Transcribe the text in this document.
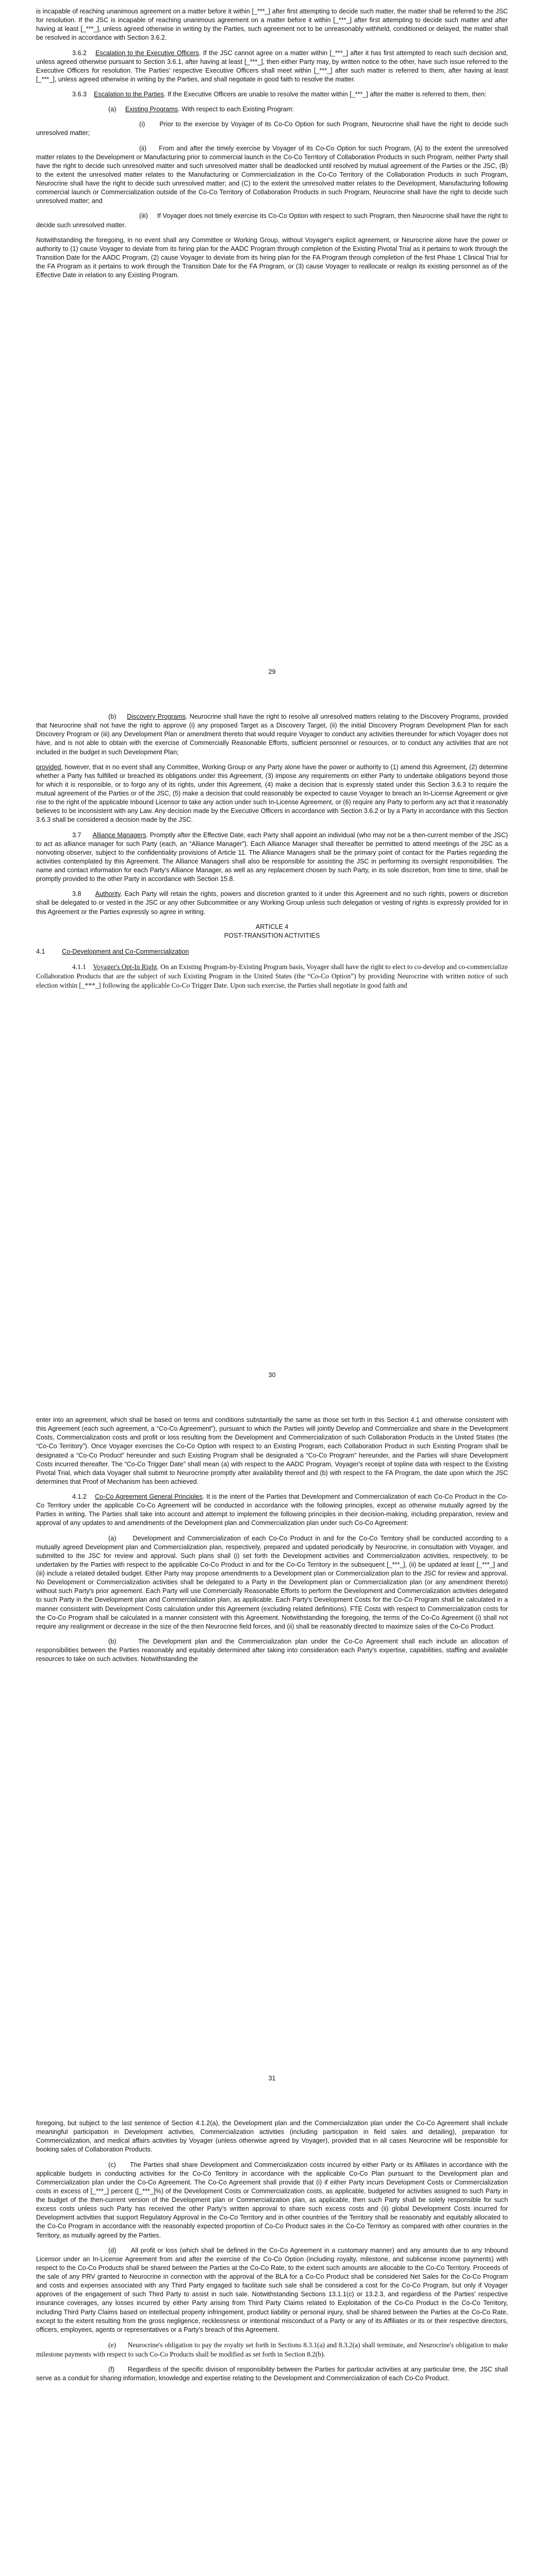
is incapable of reaching unanimous agreement on a matter before it within [_***_] after first attempting to decide such matter, the matter shall be referred to the JSC for resolution. If the JSC is incapable of reaching unanimous agreement on a matter before it within [_***_] after first attempting to decide such matter and after having at least [_***_], unless agreed otherwise in writing by the Parties, such agreement not to be unreasonably withheld, conditioned or delayed, the matter shall be resolved in accordance with Section 3.6.2.

3.6.2 Escalation to the Executive Officers. If the JSC cannot agree on a matter within [_***_] after it has first attempted to reach such decision and, unless agreed otherwise pursuant to Section 3.6.1, after having at least [_***_], then either Party may, by written notice to the other, have such issue referred to the Executive Officers for resolution. The Parties' respective Executive Officers shall meet within [_***_] after such matter is referred to them, after having at least [_***_], unless agreed otherwise in writing by the Parties, and shall negotiate in good faith to resolve the matter.

3.6.3 Escalation to the Parties. If the Executive Officers are unable to resolve the matter within [_***_] after the matter is referred to them, then:

(a) Existing Programs. With respect to each Existing Program:

(i) Prior to the exercise by Voyager of its Co-Co Option for such Program, Neurocrine shall have the right to decide such unresolved matter;

(ii) From and after the timely exercise by Voyager of its Co-Co Option for such Program, (A) to the extent the unresolved matter relates to the Development or Manufacturing prior to commercial launch in the Co-Co Territory of Collaboration Products in such Program, neither Party shall have the right to decide such unresolved matter and such unresolved matter shall be deadlocked until resolved by mutual agreement of the Parties or the JSC, (B) to the extent the unresolved matter relates to the Manufacturing or Commercialization in the Co-Co Territory of the Collaboration Products in such Program, Neurocrine shall have the right to decide such unresolved matter; and (C) to the extent the unresolved matter relates to the Development, Manufacturing following commercial launch or Commercialization outside of the Co-Co Territory of Collaboration Products in such Program, Neurocrine shall have the right to decide such unresolved matter; and

(iii) If Voyager does not timely exercise its Co-Co Option with respect to such Program, then Neurocrine shall have the right to decide such unresolved matter.

Notwithstanding the foregoing, in no event shall any Committee or Working Group, without Voyager's explicit agreement, or Neurocrine alone have the power or authority to (1) cause Voyager to deviate from its hiring plan for the AADC Program through completion of the Existing Pivotal Trial as it pertains to work through the Transition Date for the AADC Program, (2) cause Voyager to deviate from its hiring plan for the FA Program through completion of the first Phase 1 Clinical Trial for the FA Program as it pertains to work through the Transition Date for the FA Program, or (3) cause Voyager to reallocate or realign its existing personnel as of the Effective Date in relation to any Existing Program.

29

(b) Discovery Programs. Neurocrine shall have the right to resolve all unresolved matters relating to the Discovery Programs, provided that Neurocrine shall not have the right to approve (i) any proposed Target as a Discovery Target, (ii) the initial Discovery Program Development Plan for each Discovery Program or (iii) any Development Plan or amendment thereto that would require Voyager to conduct any activities thereunder for which Voyager does not have, and is not able to obtain with the exercise of Commercially Reasonable Efforts, sufficient personnel or resources, or to conduct any activities that are not included in the budget in such Development Plan;

provided, however, that in no event shall any Committee, Working Group or any Party alone have the power or authority to (1) amend this Agreement, (2) determine whether a Party has fulfilled or breached its obligations under this Agreement, (3) impose any requirements on either Party to undertake obligations beyond those for which it is responsible, or to forgo any of its rights, under this Agreement, (4) make a decision that is expressly stated under this Section 3.6.3 to require the mutual agreement of the Parties or of the JSC, (5) make a decision that could reasonably be expected to cause Voyager to breach an In-License Agreement or give rise to the right of the applicable Inbound Licensor to take any action under such In-License Agreement, or (6) require any Party to perform any act that it reasonably believes to be inconsistent with any Law. Any decision made by the Executive Officers in accordance with Section 3.6.2 or by a Party in accordance with this Section 3.6.3 shall be considered a decision made by the JSC.

3.7 Alliance Managers. Promptly after the Effective Date, each Party shall appoint an individual (who may not be a then-current member of the JSC) to act as alliance manager for such Party (each, an “Alliance Manager”). Each Alliance Manager shall thereafter be permitted to attend meetings of the JSC as a nonvoting observer, subject to the confidentiality provisions of Article 11. The Alliance Managers shall be the primary point of contact for the Parties regarding the activities contemplated by this Agreement. The Alliance Managers shall also be responsible for assisting the JSC in performing its oversight responsibilities. The name and contact information for each Party's Alliance Manager, as well as any replacement chosen by such Party, in its sole discretion, from time to time, shall be promptly provided to the other Party in accordance with Section 15.8.

3.8 Authority. Each Party will retain the rights, powers and discretion granted to it under this Agreement and no such rights, powers or discretion shall be delegated to or vested in the JSC or any other Subcommittee or any Working Group unless such delegation or vesting of rights is expressly provided for in this Agreement or the Parties expressly so agree in writing.

ARTICLE 4

POST-TRANSITION ACTIVITIES

4.1	Co-Development and Co-Commercialization

4.1.1 Voyager's Opt-In Right. On an Existing Program-by-Existing Program basis, Voyager shall have the right to elect to co-develop and co-commercialize Collaboration Products that are the subject of such Existing Program in the United States (the “Co-Co Option”) by providing Neurocrine with written notice of such election within [_***_] following the applicable Co-Co Trigger Date. Upon such exercise, the Parties shall negotiate in good faith and

30

enter into an agreement, which shall be based on terms and conditions substantially the same as those set forth in this Section 4.1 and otherwise consistent with this Agreement (each such agreement, a “Co-Co Agreement”), pursuant to which the Parties will jointly Develop and Commercialize and share in the Development Costs, Commercialization costs and profit or loss resulting from the Development and Commercialization of such Collaboration Products in the United States (the “Co-Co Territory”). Once Voyager exercises the Co-Co Option with respect to an Existing Program, each Collaboration Product in such Existing Program shall be designated a “Co-Co Product” hereunder and such Existing Program shall be designated a “Co-Co Program” hereunder, and the Parties will share Development Costs incurred thereafter. The “Co-Co Trigger Date” shall mean (a) with respect to the AADC Program, Voyager's receipt of topline data with respect to the Existing Pivotal Trial, which data Voyager shall submit to Neurocrine promptly after availability thereof and (b) with respect to the FA Program, the date upon which the JSC determines that Proof of Mechanism has been achieved.

4.1.2 Co-Co Agreement General Principles. It is the intent of the Parties that Development and Commercialization of each Co-Co Product in the Co-Co Territory under the applicable Co-Co Agreement will be conducted in accordance with the following principles, except as otherwise mutually agreed by the Parties in writing. The Parties shall take into account and attempt to implement the following principles in their decision-making, including preparation, review and approval of any updates to and amendments of the Development plan and Commercialization plan under such Co-Co Agreement:

(a)	Development and Commercialization of each Co-Co Product in and for the Co-Co Territory shall be conducted according to a mutually agreed Development plan and Commercialization plan, respectively, prepared and updated periodically by Neurocrine, in consultation with Voyager, and submitted to the JSC for review and approval. Such plans shall (i) set forth the Development activities and Commercialization activities, respectively, to be undertaken by the Parties with respect to the applicable Co-Co Product in and for the Co-Co Territory in the subsequent [_***_], (ii) be updated at least [_***_] and (iii) include a related detailed budget. Either Party may propose amendments to a Development plan or Commercialization plan to the JSC for review and approval. No Development or Commercialization activities shall be delegated to a Party in the Development plan or Commercialization plan (or any amendment thereto) without such Party's prior agreement. Each Party will use Commercially Reasonable Efforts to perform the Development and Commercialization activities delegated to such Party in the Development plan and Commercialization plan, as applicable. Each Party's Development Costs for the Co-Co Program shall be calculated in a manner consistent with Development Costs calculation under this Agreement (excluding related definitions). FTE Costs with respect to Commercialization costs for the Co-Co Program shall be calculated in a manner consistent with this Agreement. Notwithstanding the foregoing, the terms of the Co-Co Agreement (i) shall not require any realignment or decrease in the size of the then Neurocrine field forces, and (ii) shall be reasonably directed to maximize sales of the Co-Co Product.

(b)	The Development plan and the Commercialization plan under the Co-Co Agreement shall each include an allocation of responsibilities between the Parties reasonably and equitably determined after taking into consideration each Party's expertise, capabilities, staffing and available resources to take on such activities. Notwithstanding the

31

foregoing, but subject to the last sentence of Section 4.1.2(a), the Development plan and the Commercialization plan under the Co-Co Agreement shall include meaningful participation in Development activities, Commercialization activities (including participation in field sales and detailing), preparation for Commercialization, and medical affairs activities by Voyager (unless otherwise agreed by Voyager), provided that in all cases Neurocrine will be responsible for booking sales of Collaboration Products.

(c) The Parties shall share Development and Commercialization costs incurred by either Party or its Affiliates in accordance with the applicable budgets in conducting activities for the Co-Co Territory in accordance with the applicable Co-Co Plan pursuant to the Development plan and Commercialization plan under the Co-Co Agreement. The Co-Co Agreement shall provide that (i) if either Party incurs Development Costs or Commercialization costs in excess of [_***_] percent ([_***_]%) of the Development Costs or Commercialization costs, as applicable, budgeted for activities assigned to such Party in the budget of the then-current version of the Development plan or Commercialization plan, as applicable, then such Party shall be solely responsible for such excess costs unless such Party has received the other Party's written approval to share such excess costs and (ii) global Development Costs incurred for Development activities that support Regulatory Approval in the Co-Co Territory and in other countries of the Territory shall be reasonably and equitably allocated to the Co-Co Program in accordance with the reasonably expected proportion of Co-Co Product sales in the Co-Co Territory as compared with other countries in the Territory, as mutually agreed by the Parties.

(d) All profit or loss (which shall be defined in the Co-Co Agreement in a customary manner) and any amounts due to any Inbound Licensor under an In-License Agreement from and after the exercise of the Co-Co Option (including royalty, milestone, and sublicense income payments) with respect to the Co-Co Products shall be shared between the Parties at the Co-Co Rate, to the extent such amounts are allocable to the Co-Co Territory. Proceeds of the sale of any PRV granted to Neurocrine in connection with the approval of the BLA for a Co-Co Product shall be considered Net Sales for the Co-Co Program and costs and expenses associated with any Third Party engaged to facilitate such sale shall be considered a cost for the Co-Co Program, but only if Voyager approves of the engagement of such Third Party to assist in such sale. Notwithstanding Sections 13.1.1(c) or 13.2.3, and regardless of the Parties' respective insurance coverages, any losses incurred by either Party arising from Third Party Claims related to Exploitation of the Co-Co Product in the Co-Co Territory, including Third Party Claims based on intellectual property infringement, product liability or personal injury, shall be shared between the Parties at the Co-Co Rate, except to the extent resulting from the gross negligence, recklessness or intentional misconduct of a Party or any of its Affiliates or its or their respective directors, officers, employees, agents or representatives or a Party's breach of this Agreement.

(e) Neurocrine's obligation to pay the royalty set forth in Sections 8.3.1(a) and 8.3.2(a) shall terminate, and Neurocrine's obligation to make milestone payments with respect to such Co-Co Products shall be modified as set forth in Section 8.2(b).

(f) Regardless of the specific division of responsibility between the Parties for particular activities at any particular time, the JSC shall serve as a conduit for sharing information, knowledge and expertise relating to the Development and Commercialization of each Co-Co Product.
